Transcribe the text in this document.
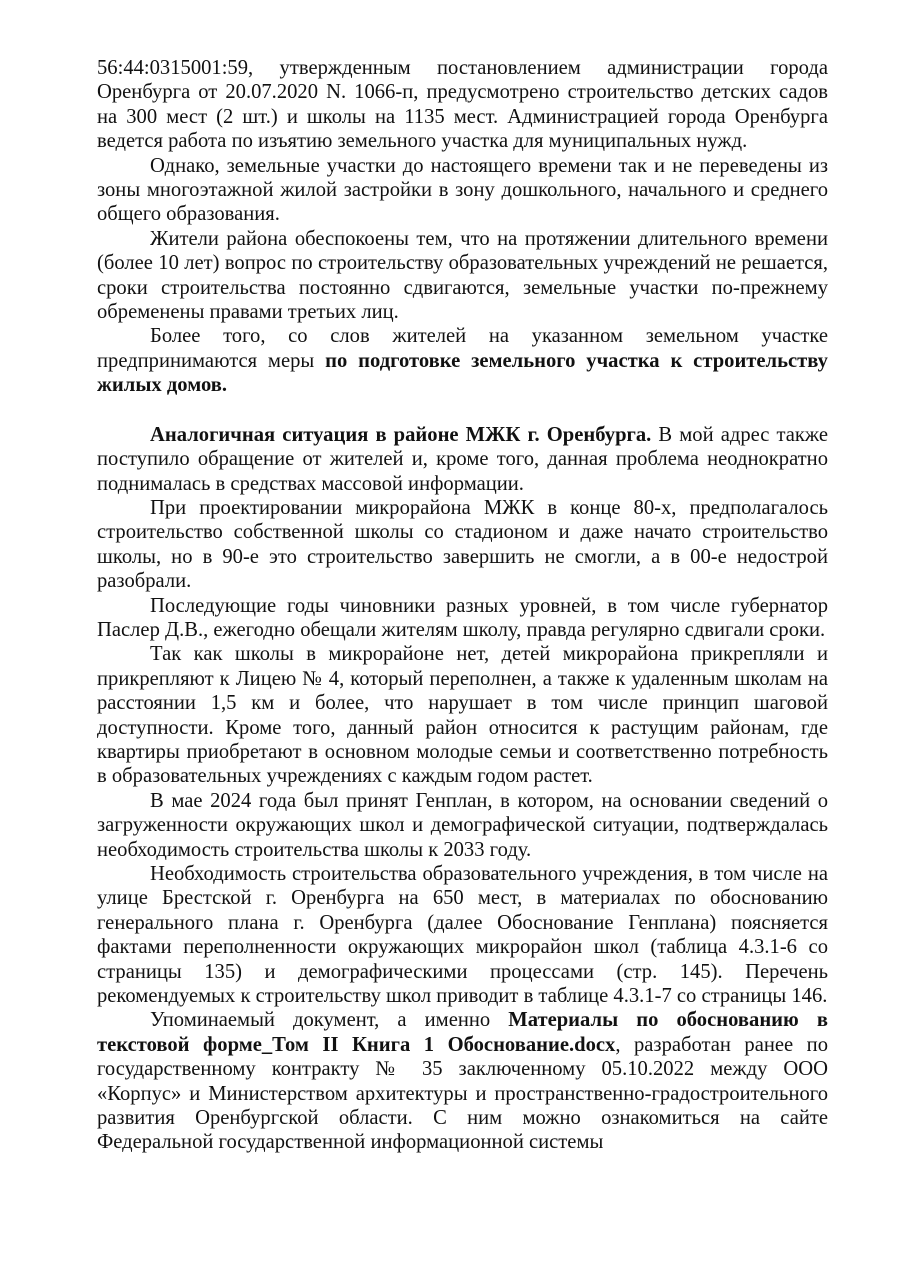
56:44:0315001:59, утвержденным постановлением администрации города Оренбурга от 20.07.2020 N. 1066-п, предусмотрено строительство детских садов на 300 мест (2 шт.) и школы на 1135 мест. Администрацией города Оренбурга ведется работа по изъятию земельного участка для муниципальных нужд.

Однако, земельные участки до настоящего времени так и не переведены из зоны многоэтажной жилой застройки в зону дошкольного, начального и среднего общего образования.

Жители района обеспокоены тем, что на протяжении длительного времени (более 10 лет) вопрос по строительству образовательных учреждений не решается, сроки строительства постоянно сдвигаются, земельные участки по-прежнему обременены правами третьих лиц.

Более того, со слов жителей на указанном земельном участке предпринимаются меры по подготовке земельного участка к строительству жилых домов.

Аналогичная ситуация в районе МЖК г. Оренбурга. В мой адрес также поступило обращение от жителей и, кроме того, данная проблема неоднократно поднималась в средствах массовой информации.

При проектировании микрорайона МЖК в конце 80-х, предполагалось строительство собственной школы со стадионом и даже начато строительство школы, но в 90-е это строительство завершить не смогли, а в 00-е недострой разобрали.

Последующие годы чиновники разных уровней, в том числе губернатор Паслер Д.В., ежегодно обещали жителям школу, правда регулярно сдвигали сроки.

Так как школы в микрорайоне нет, детей микрорайона прикрепляли и прикрепляют к Лицею № 4, который переполнен, а также к удаленным школам на расстоянии 1,5 км и более, что нарушает в том числе принцип шаговой доступности. Кроме того, данный район относится к растущим районам, где квартиры приобретают в основном молодые семьи и соответственно потребность в образовательных учреждениях с каждым годом растет.

В мае 2024 года был принят Генплан, в котором, на основании сведений о загруженности окружающих школ и демографической ситуации, подтверждалась необходимость строительства школы к 2033 году.

Необходимость строительства образовательного учреждения, в том числе на улице Брестской г. Оренбурга на 650 мест, в материалах по обоснованию генерального плана г. Оренбурга (далее Обоснование Генплана) поясняется фактами переполненности окружающих микрорайон школ (таблица 4.3.1-6 со страницы 135) и демографическими процессами (стр. 145). Перечень рекомендуемых к строительству школ приводит в таблице 4.3.1-7 со страницы 146.

Упоминаемый документ, а именно Материалы по обоснованию в текстовой форме_Том II Книга 1 Обоснование.docx, разработан ранее по государственному контракту № 35 заключенному 05.10.2022 между ООО «Корпус» и Министерством архитектуры и пространственно-градостроительного развития Оренбургской области. С ним можно ознакомиться на сайте Федеральной государственной информационной системы
